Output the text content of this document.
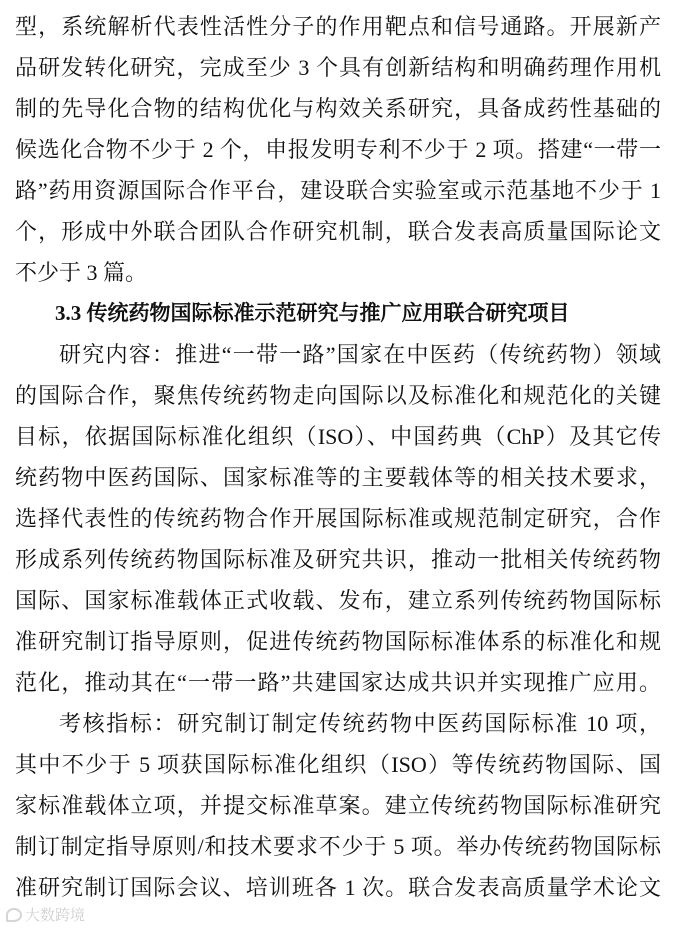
型，系统解析代表性活性分子的作用靶点和信号通路。开展新产
品研发转化研究，完成至少 3 个具有创新结构和明确药理作用机
制的先导化合物的结构优化与构效关系研究，具备成药性基础的
候选化合物不少于 2 个，申报发明专利不少于 2 项。搭建“一带一
路”药用资源国际合作平台，建设联合实验室或示范基地不少于 1
个，形成中外联合团队合作研究机制，联合发表高质量国际论文
不少于 3 篇。
3.3 传统药物国际标准示范研究与推广应用联合研究项目
研究内容：推进“一带一路”国家在中医药（传统药物）领域
的国际合作，聚焦传统药物走向国际以及标准化和规范化的关键
目标，依据国际标准化组织（ISO）、中国药典（ChP）及其它传
统药物中医药国际、国家标准等的主要载体等的相关技术要求，
选择代表性的传统药物合作开展国际标准或规范制定研究，合作
形成系列传统药物国际标准及研究共识，推动一批相关传统药物
国际、国家标准载体正式收载、发布，建立系列传统药物国际标
准研究制订指导原则，促进传统药物国际标准体系的标准化和规
范化，推动其在“一带一路”共建国家达成共识并实现推广应用。
考核指标：研究制订制定传统药物中医药国际标准 10 项，
其中不少于 5 项获国际标准化组织（ISO）等传统药物国际、国
家标准载体立项，并提交标准草案。建立传统药物国际标准研究
制订制定指导原则/和技术要求不少于 5 项。举办传统药物国际标
准研究制订国际会议、培训班各 1 次。联合发表高质量学术论文
大数跨境
